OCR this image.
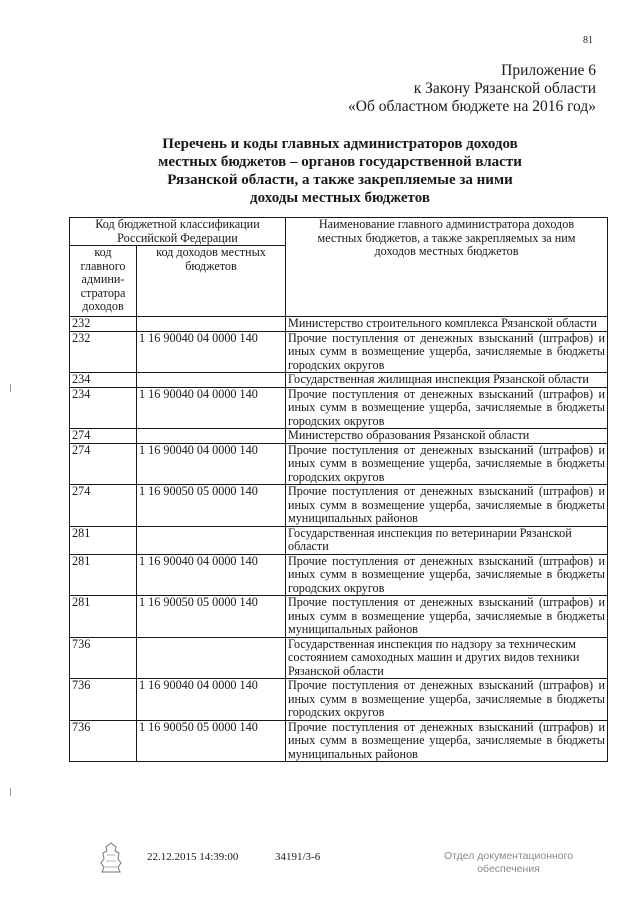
81
Приложение 6
к Закону Рязанской области
«Об областном бюджете на 2016 год»
Перечень и коды главных администраторов доходов
местных бюджетов – органов государственной власти
Рязанской области, а также закрепляемые за ними
доходы местных бюджетов
Код бюджетной классификации Российской Федерации		Наименование главного администратора доходов местных бюджетов, а также закрепляемых за ним доходов местных бюджетов
код главного админи-стратора доходов	код доходов местных бюджетов	
232		Министерство строительного комплекса Рязанской области
232	1 16 90040 04 0000 140	Прочие поступления от денежных взысканий (штрафов) и иных сумм в возмещение ущерба, зачисляемые в бюджеты городских округов
234		Государственная жилищная инспекция Рязанской области
234	1 16 90040 04 0000 140	Прочие поступления от денежных взысканий (штрафов) и иных сумм в возмещение ущерба, зачисляемые в бюджеты городских округов
274		Министерство образования Рязанской области
274	1 16 90040 04 0000 140	Прочие поступления от денежных взысканий (штрафов) и иных сумм в возмещение ущерба, зачисляемые в бюджеты городских округов
274	1 16 90050 05 0000 140	Прочие поступления от денежных взысканий (штрафов) и иных сумм в возмещение ущерба, зачисляемые в бюджеты муниципальных районов
281		Государственная инспекция по ветеринарии Рязанской области
281	1 16 90040 04 0000 140	Прочие поступления от денежных взысканий (штрафов) и иных сумм в возмещение ущерба, зачисляемые в бюджеты городских округов
281	1 16 90050 05 0000 140	Прочие поступления от денежных взысканий (штрафов) и иных сумм в возмещение ущерба, зачисляемые в бюджеты муниципальных районов
736		Государственная инспекция по надзору за техническим состоянием самоходных машин и других видов техники Рязанской области
736	1 16 90040 04 0000 140	Прочие поступления от денежных взысканий (штрафов) и иных сумм в возмещение ущерба, зачисляемые в бюджеты городских округов
736	1 16 90050 05 0000 140	Прочие поступления от денежных взысканий (штрафов) и иных сумм в возмещение ущерба, зачисляемые в бюджеты муниципальных районов
22.12.2015 14:39:00	34191/3-6	Отдел документационного
обеспечения
